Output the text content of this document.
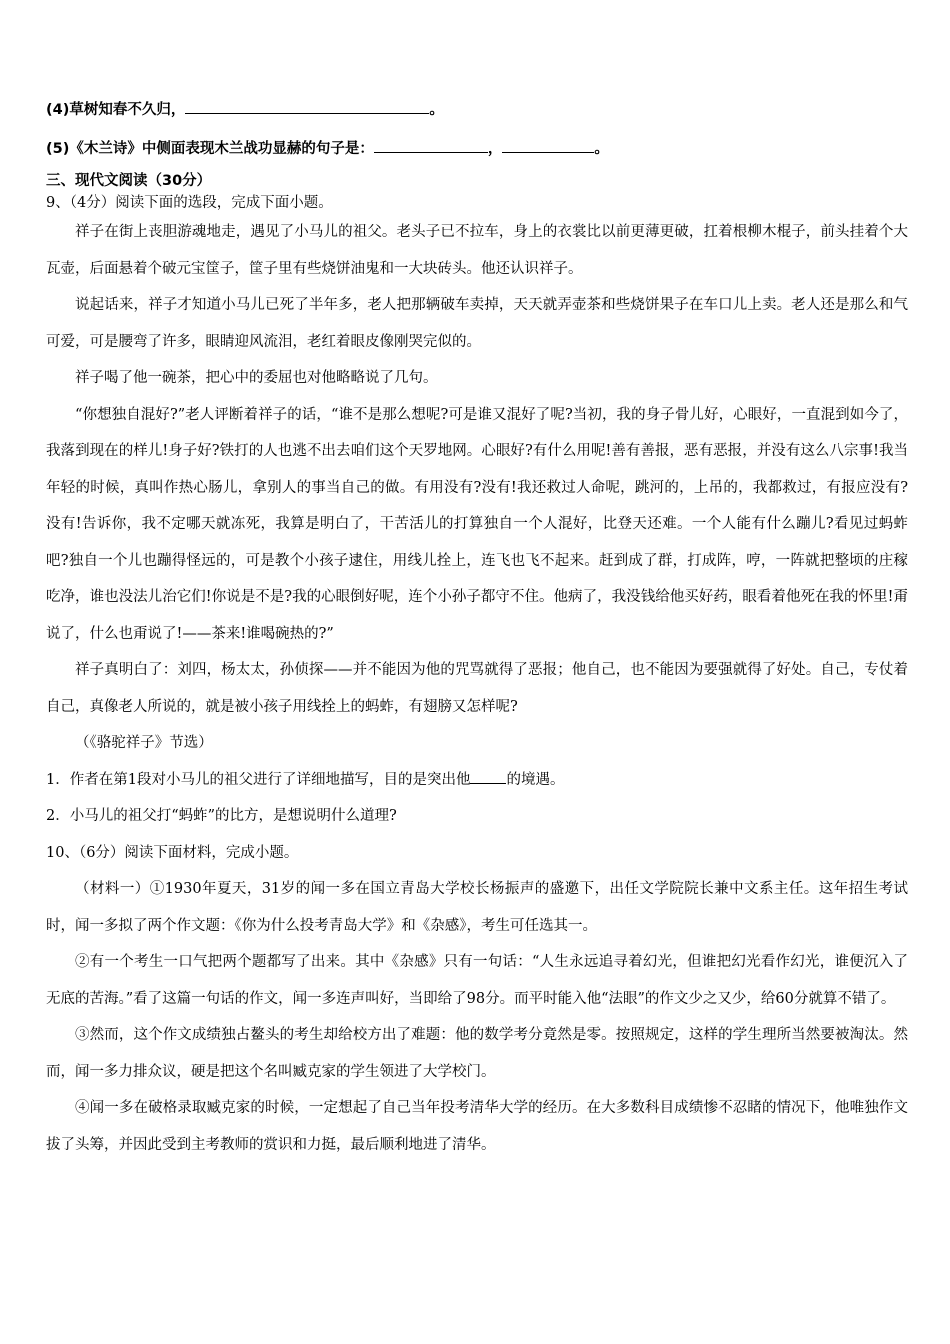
(4)草树知春不久归，	。
(5)《木兰诗》中侧面表现木兰战功显赫的句子是：	，	。
三、现代文阅读（30分）
9、（4分）阅读下面的选段，完成下面小题。

祥子在街上丧胆游魂地走，遇见了小马儿的祖父。老头子已不拉车，身上的衣裳比以前更薄更破，扛着根柳木棍子，前头挂着个大瓦壶，后面悬着个破元宝筐子，筐子里有些烧饼油鬼和一大块砖头。他还认识祥子。

说起话来，祥子才知道小马儿已死了半年多，老人把那辆破车卖掉，天天就弄壶茶和些烧饼果子在车口儿上卖。老人还是那么和气可爱，可是腰弯了许多，眼睛迎风流泪，老红着眼皮像刚哭完似的。

祥子喝了他一碗茶，把心中的委屈也对他略略说了几句。

“你想独自混好?”老人评断着祥子的话，“谁不是那么想呢?可是谁又混好了呢?当初，我的身子骨儿好，心眼好，一直混到如今了，我落到现在的样儿!身子好?铁打的人也逃不出去咱们这个天罗地网。心眼好?有什么用呢!善有善报，恶有恶报，并没有这么八宗事!我当年轻的时候，真叫作热心肠儿，拿别人的事当自己的做。有用没有?没有!我还救过人命呢，跳河的，上吊的，我都救过，有报应没有?没有!告诉你，我不定哪天就冻死，我算是明白了，干苦活儿的打算独自一个人混好，比登天还难。一个人能有什么蹦儿?看见过蚂蚱吧?独自一个儿也蹦得怪远的，可是教个小孩子逮住，用线儿拴上，连飞也飞不起来。赶到成了群，打成阵，哼，一阵就把整顷的庄稼吃净，谁也没法儿治它们!你说是不是?我的心眼倒好呢，连个小孙子都守不住。他病了，我没钱给他买好药，眼看着他死在我的怀里!甭说了，什么也甭说了!——茶来!谁喝碗热的?”

祥子真明白了：刘四，杨太太，孙侦探——并不能因为他的咒骂就得了恶报；他自己，也不能因为要强就得了好处。自己，专仗着自己，真像老人所说的，就是被小孩子用线拴上的蚂蚱，有翅膀又怎样呢?

（《骆驼祥子》节选）

1．作者在第1段对小马儿的祖父进行了详细地描写，目的是突出他 的境遇。

2．小马儿的祖父打“蚂蚱”的比方，是想说明什么道理?

10、（6分）阅读下面材料，完成小题。

（材料一）①1930年夏天，31岁的闻一多在国立青岛大学校长杨振声的盛邀下，出任文学院院长兼中文系主任。这年招生考试时，闻一多拟了两个作文题：《你为什么投考青岛大学》和《杂感》，考生可任选其一。

②有一个考生一口气把两个题都写了出来。其中《杂感》只有一句话：“人生永远追寻着幻光，但谁把幻光看作幻光，谁便沉入了无底的苦海。”看了这篇一句话的作文，闻一多连声叫好，当即给了98分。而平时能入他“法眼”的作文少之又少，给60分就算不错了。

③然而，这个作文成绩独占鳌头的考生却给校方出了难题：他的数学考分竟然是零。按照规定，这样的学生理所当然要被淘汰。然而，闻一多力排众议，硬是把这个名叫臧克家的学生领进了大学校门。

④闻一多在破格录取臧克家的时候，一定想起了自己当年投考清华大学的经历。在大多数科目成绩惨不忍睹的情况下，他唯独作文拔了头筹，并因此受到主考教师的赏识和力挺，最后顺利地进了清华。
